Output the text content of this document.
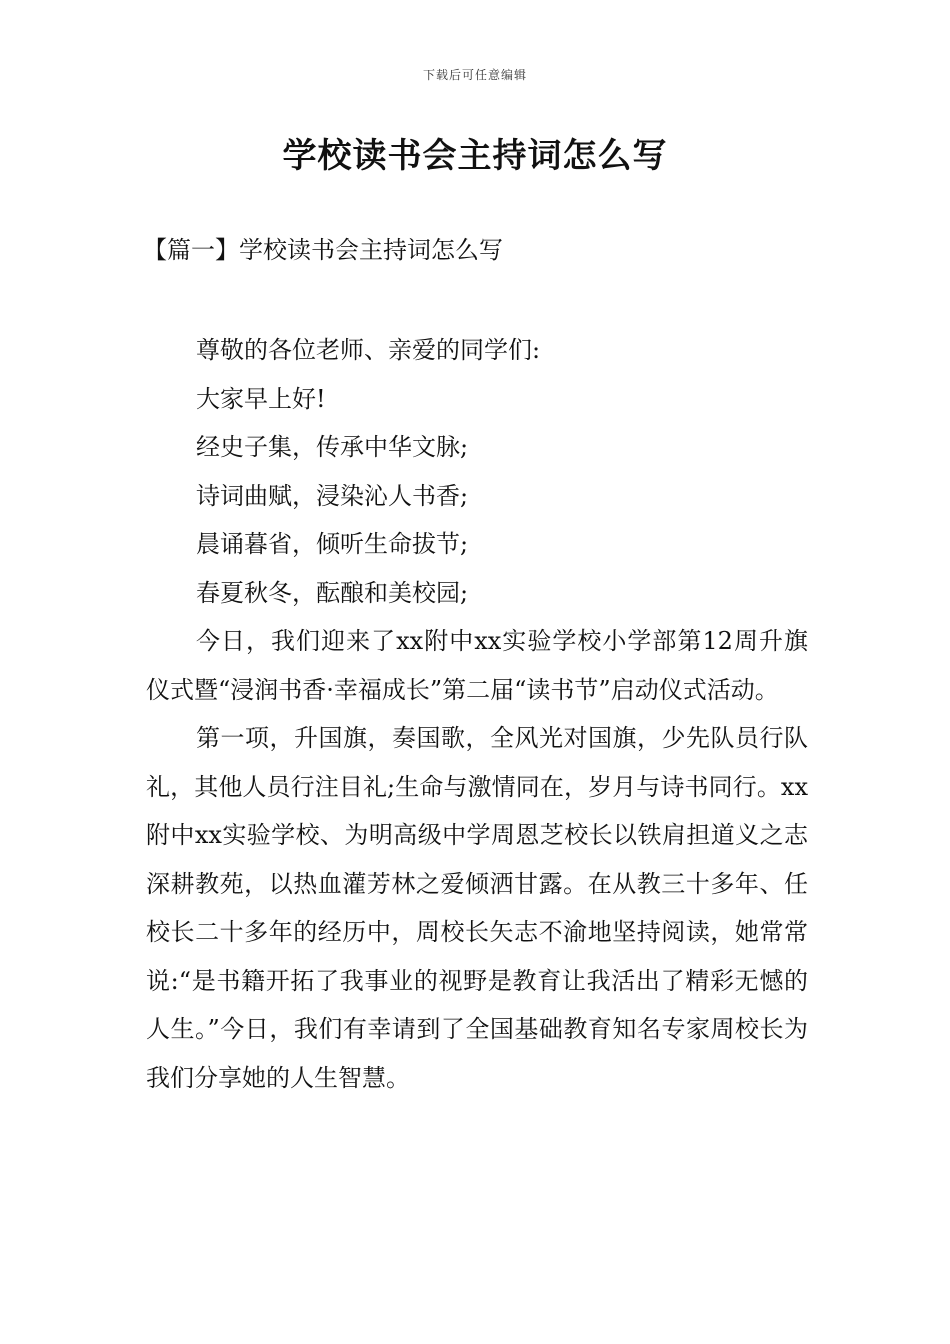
下载后可任意编辑
学校读书会主持词怎么写
【篇一】学校读书会主持词怎么写

尊敬的各位老师、亲爱的同学们:

大家早上好!

经史子集，传承中华文脉;

诗词曲赋，浸染沁人书香;

晨诵暮省，倾听生命拔节;

春夏秋冬，酝酿和美校园;

今日，我们迎来了xx附中xx实验学校小学部第12周升旗仪式暨“浸润书香·幸福成长”第二届“读书节”启动仪式活动。

第一项，升国旗，奏国歌，全风光对国旗，少先队员行队礼，其他人员行注目礼;生命与激情同在，岁月与诗书同行。xx附中xx实验学校、为明高级中学周恩芝校长以铁肩担道义之志深耕教苑，以热血灌芳林之爱倾洒甘露。在从教三十多年、任校长二十多年的经历中，周校长矢志不渝地坚持阅读，她常常说:“是书籍开拓了我事业的视野是教育让我活出了精彩无憾的人生。”今日，我们有幸请到了全国基础教育知名专家周校长为我们分享她的人生智慧。
